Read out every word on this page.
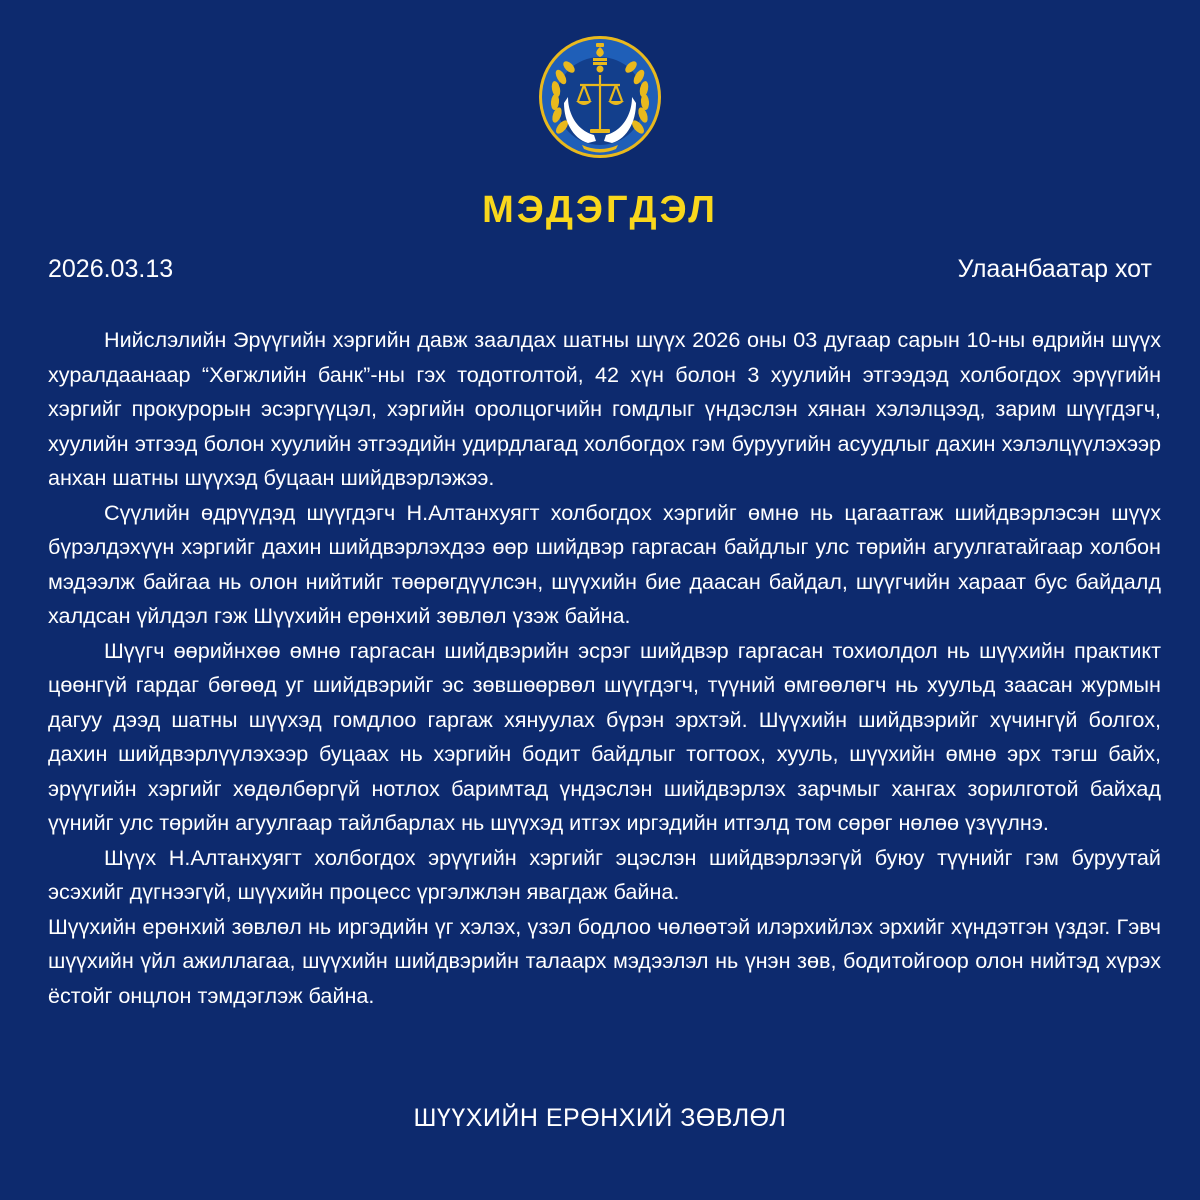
МЭДЭГДЭЛ
2026.03.13	Улаанбаатар хот

Нийслэлийн Эрүүгийн хэргийн давж заалдах шатны шүүх 2026 оны 03 дугаар сарын 10-ны өдрийн шүүх хуралдаанаар “Хөгжлийн банк”-ны гэх тодотголтой, 42 хүн болон 3 хуулийн этгээдэд холбогдох эрүүгийн хэргийг прокурорын эсэргүүцэл, хэргийн оролцогчийн гомдлыг үндэслэн хянан хэлэлцээд, зарим шүүгдэгч, хуулийн этгээд болон хуулийн этгээдийн удирдлагад холбогдох гэм буруугийн асуудлыг дахин хэлэлцүүлэхээр анхан шатны шүүхэд буцаан шийдвэрлэжээ.

Сүүлийн өдрүүдэд шүүгдэгч Н.Алтанхуягт холбогдох хэргийг өмнө нь цагаатгаж шийдвэрлэсэн шүүх бүрэлдэхүүн хэргийг дахин шийдвэрлэхдээ өөр шийдвэр гаргасан байдлыг улс төрийн агуулгатайгаар холбон мэдээлж байгаа нь олон нийтийг төөрөгдүүлсэн, шүүхийн бие даасан байдал, шүүгчийн хараат бус байдалд халдсан үйлдэл гэж Шүүхийн ерөнхий зөвлөл үзэж байна.

Шүүгч өөрийнхөө өмнө гаргасан шийдвэрийн эсрэг шийдвэр гаргасан тохиолдол нь шүүхийн практикт цөөнгүй гардаг бөгөөд уг шийдвэрийг эс зөвшөөрвөл шүүгдэгч, түүний өмгөөлөгч нь хуульд заасан журмын дагуу дээд шатны шүүхэд гомдлоо гаргаж хянуулах бүрэн эрхтэй. Шүүхийн шийдвэрийг хүчингүй болгох, дахин шийдвэрлүүлэхээр буцаах нь хэргийн бодит байдлыг тогтоох, хууль, шүүхийн өмнө эрх тэгш байх, эрүүгийн хэргийг хөдөлбөргүй нотлох баримтад үндэслэн шийдвэрлэх зарчмыг хангах зорилготой байхад үүнийг улс төрийн агуулгаар тайлбарлах нь шүүхэд итгэх иргэдийн итгэлд том сөрөг нөлөө үзүүлнэ.

Шүүх Н.Алтанхуягт холбогдох эрүүгийн хэргийг эцэслэн шийдвэрлээгүй буюу түүнийг гэм буруутай эсэхийг дүгнээгүй, шүүхийн процесс үргэлжлэн явагдаж байна.

Шүүхийн ерөнхий зөвлөл нь иргэдийн үг хэлэх, үзэл бодлоо чөлөөтэй илэрхийлэх эрхийг хүндэтгэн үздэг. Гэвч шүүхийн үйл ажиллагаа, шүүхийн шийдвэрийн талаарх мэдээлэл нь үнэн зөв, бодитойгоор олон нийтэд хүрэх ёстойг онцлон тэмдэглэж байна.

ШҮҮХИЙН ЕРӨНХИЙ ЗӨВЛӨЛ
